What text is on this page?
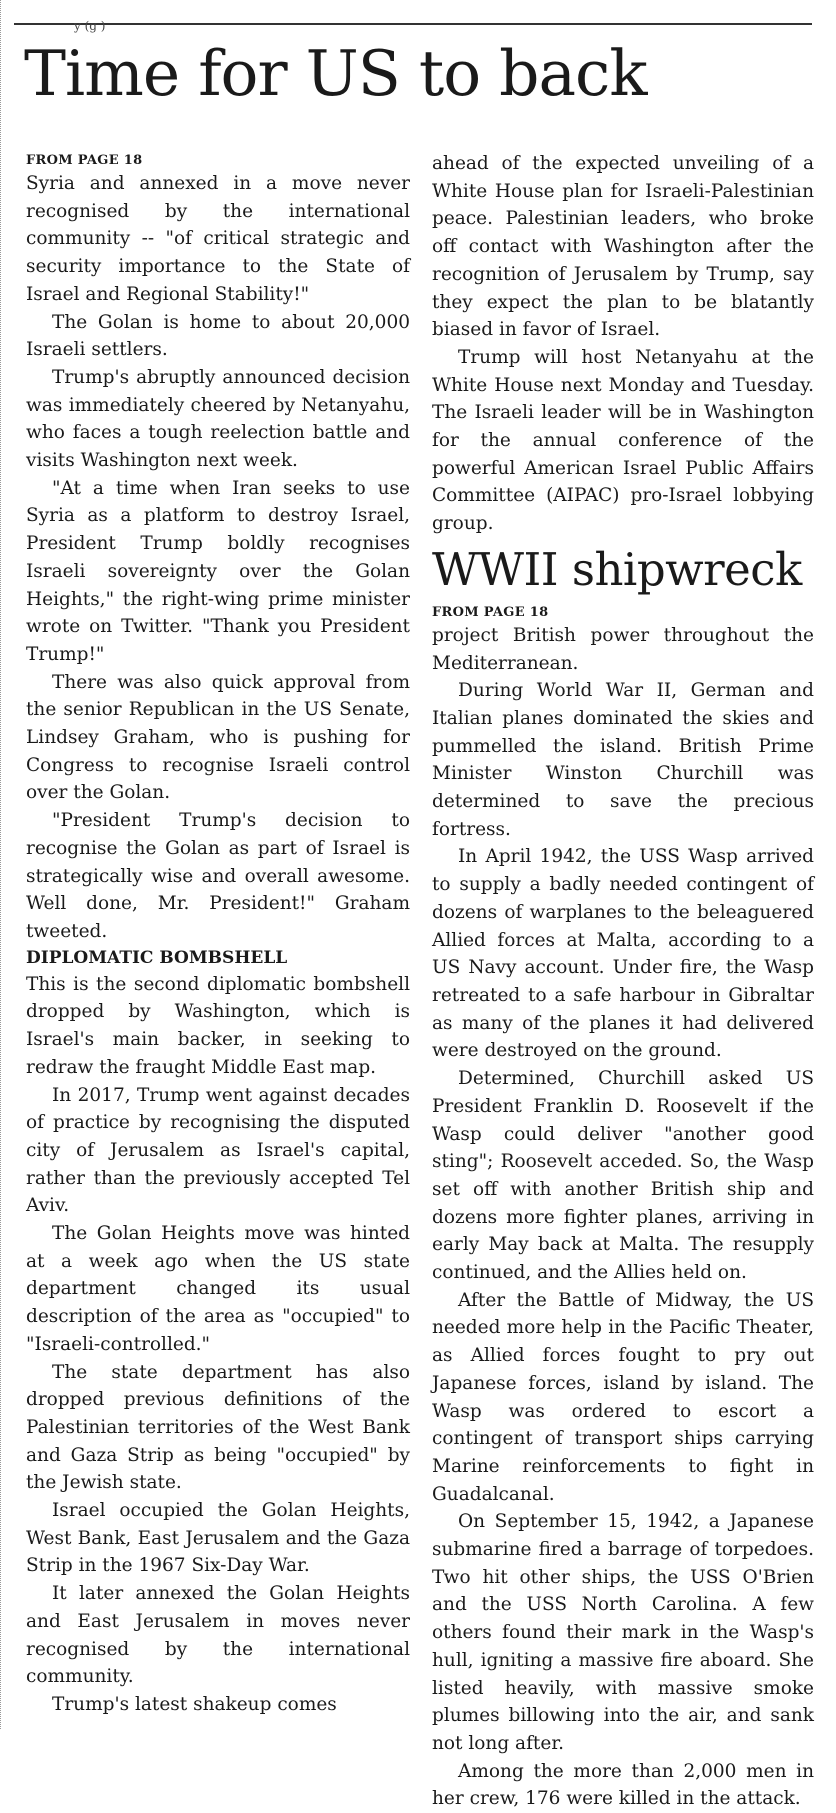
y (g )
Time for US to back
FROM PAGE 18

Syria and annexed in a move never recognised by the international community -- "of critical strategic and security importance to the State of Israel and Regional Stability!"

The Golan is home to about 20,000 Israeli settlers.

Trump's abruptly announced decision was immediately cheered by Netanyahu, who faces a tough reelection battle and visits Washington next week.

"At a time when Iran seeks to use Syria as a platform to destroy Israel, President Trump boldly recognises Israeli sovereignty over the Golan Heights," the right-wing prime minister wrote on Twitter. "Thank you President Trump!"

There was also quick approval from the senior Republican in the US Senate, Lindsey Graham, who is pushing for Congress to recognise Israeli control over the Golan.

"President Trump's decision to recognise the Golan as part of Israel is strategically wise and overall awesome. Well done, Mr. President!" Graham tweeted.

DIPLOMATIC BOMBSHELL

This is the second diplomatic bombshell dropped by Washington, which is Israel's main backer, in seeking to redraw the fraught Middle East map.

In 2017, Trump went against decades of practice by recognising the disputed city of Jerusalem as Israel's capital, rather than the previously accepted Tel Aviv.

The Golan Heights move was hinted at a week ago when the US state department changed its usual description of the area as "occupied" to "Israeli-controlled."

The state department has also dropped previous definitions of the Palestinian territories of the West Bank and Gaza Strip as being "occupied" by the Jewish state.

Israel occupied the Golan Heights, West Bank, East Jerusalem and the Gaza Strip in the 1967 Six-Day War.

It later annexed the Golan Heights and East Jerusalem in moves never recognised by the international community.

Trump's latest shakeup comes

ahead of the expected unveiling of a White House plan for Israeli-Palestinian peace. Palestinian leaders, who broke off contact with Washington after the recognition of Jerusalem by Trump, say they expect the plan to be blatantly biased in favor of Israel.

Trump will host Netanyahu at the White House next Monday and Tuesday. The Israeli leader will be in Washington for the annual conference of the powerful American Israel Public Affairs Committee (AIPAC) pro-Israel lobbying group.

WWII shipwreck
FROM PAGE 18

project British power throughout the Mediterranean.

During World War II, German and Italian planes dominated the skies and pummelled the island. British Prime Minister Winston Churchill was determined to save the precious fortress.

In April 1942, the USS Wasp arrived to supply a badly needed contingent of dozens of warplanes to the beleaguered Allied forces at Malta, according to a US Navy account. Under fire, the Wasp retreated to a safe harbour in Gibraltar as many of the planes it had delivered were destroyed on the ground.

Determined, Churchill asked US President Franklin D. Roosevelt if the Wasp could deliver "another good sting"; Roosevelt acceded. So, the Wasp set off with another British ship and dozens more fighter planes, arriving in early May back at Malta. The resupply continued, and the Allies held on.

After the Battle of Midway, the US needed more help in the Pacific Theater, as Allied forces fought to pry out Japanese forces, island by island. The Wasp was ordered to escort a contingent of transport ships carrying Marine reinforcements to fight in Guadalcanal.

On September 15, 1942, a Japanese submarine fired a barrage of torpedoes. Two hit other ships, the USS O'Brien and the USS North Carolina. A few others found their mark in the Wasp's hull, igniting a massive fire aboard. She listed heavily, with massive smoke plumes billowing into the air, and sank not long after.

Among the more than 2,000 men in her crew, 176 were killed in the attack.
